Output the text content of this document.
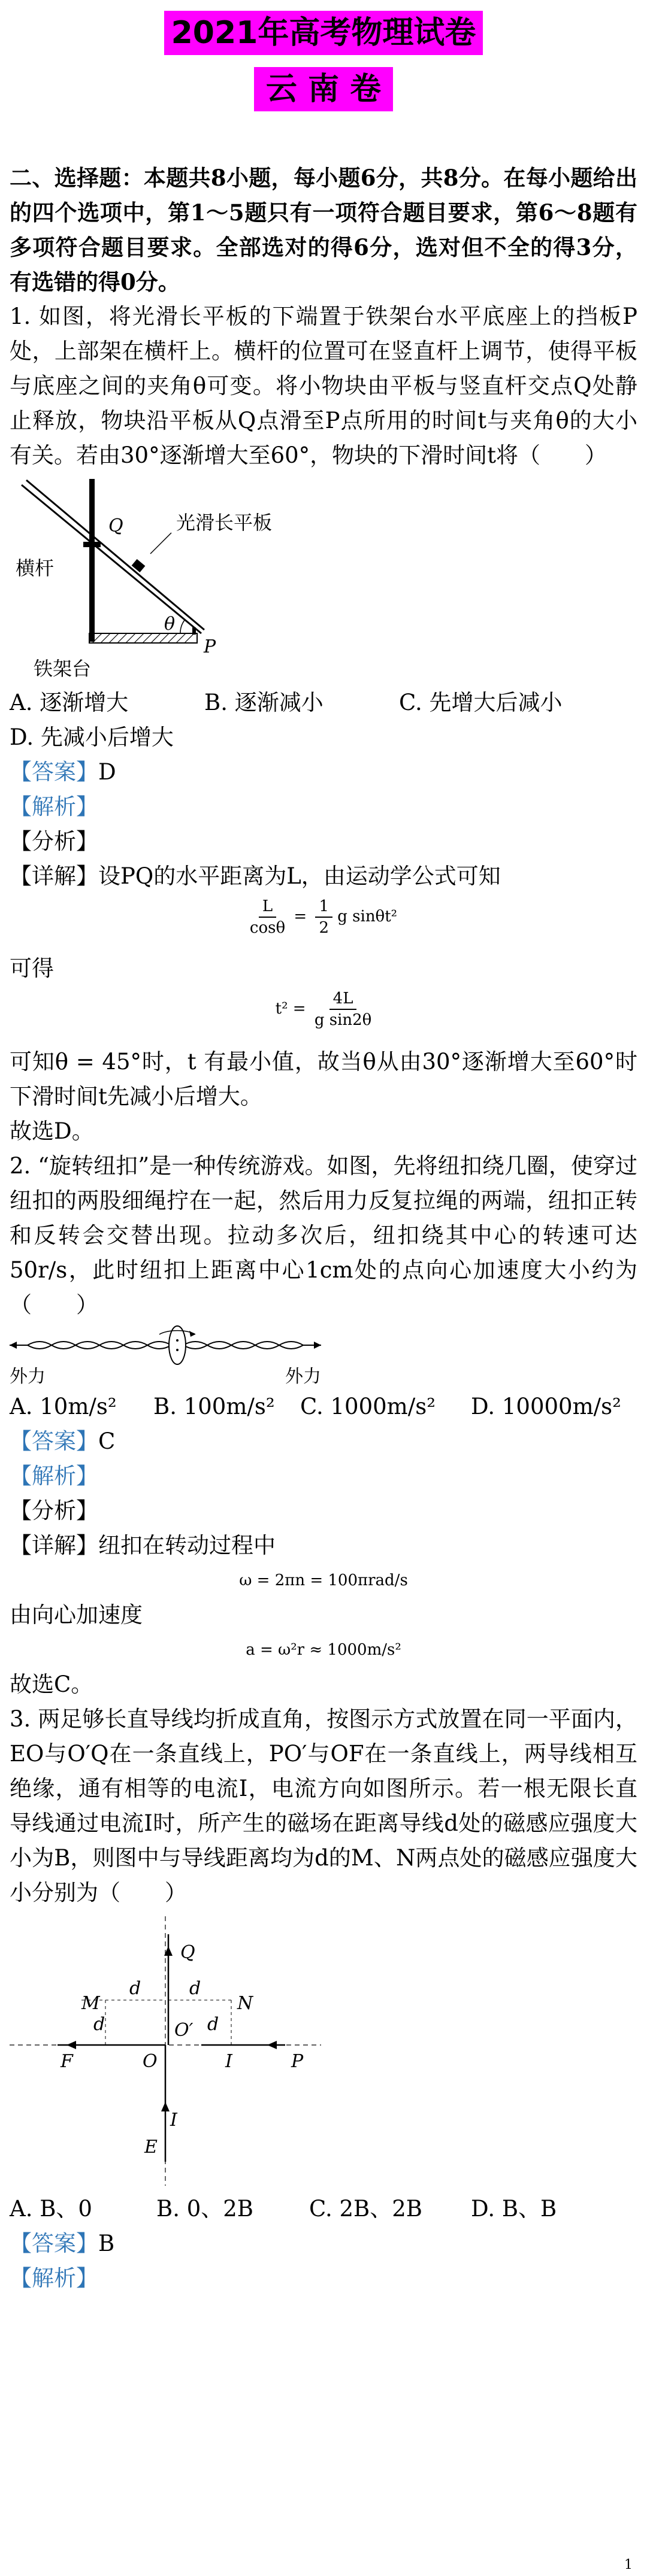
2021年高考物理试卷
云 南 卷

二、选择题：本题共8小题，每小题6分，共8分。在每小题给出的四个选项中，第1～5题只有一项符合题目要求，第6～8题有多项符合题目要求。全部选对的得6分，选对但不全的得3分，有选错的得0分。

1. 如图，将光滑长平板的下端置于铁架台水平底座上的挡板P处，上部架在横杆上。横杆的位置可在竖直杆上调节，使得平板与底座之间的夹角θ可变。将小物块由平板与竖直杆交点Q处静止释放，物块沿平板从Q点滑至P点所用的时间t与夹角θ的大小有关。若由30°逐渐增大至60°，物块的下滑时间t将（　　）

Q
P
θ
光滑长平板
横杆
铁架台
A. 逐渐增大	B. 逐渐减小	C. 先增大后减小
D. 先减小后增大

【答案】D

【解析】

【分析】

【详解】设PQ的水平距离为L，由运动学公式可知

$\frac{L}{\cos\theta} = \frac{1}{2}$ g sinθt²

可得

$t^2 = \frac{4L}{\text{g sin2θ}}$

可知θ = 45°时，t 有最小值，故当θ从由30°逐渐增大至60°时下滑时间t先减小后增大。

故选D。

2. “旋转纽扣”是一种传统游戏。如图，先将纽扣绕几圈，使穿过纽扣的两股细绳拧在一起，然后用力反复拉绳的两端，纽扣正转和反转会交替出现。拉动多次后，纽扣绕其中心的转速可达50r/s，此时纽扣上距离中心1cm处的点向心加速度大小约为（　　）

外力	外力
A. 10m/s²	B. 100m/s²	C. 1000m/s²	D. 10000m/s²

【答案】C

【解析】

【分析】

【详解】纽扣在转动过程中

ω = 2πn = 100πrad/s

由向心加速度

a = ω²r ≈ 1000m/s²

故选C。

3. 两足够长直导线均折成直角，按图示方式放置在同一平面内，EO与O′Q在一条直线上，PO′与OF在一条直线上，两导线相互绝缘，通有相等的电流I，电流方向如图所示。若一根无限长直导线通过电流I时，所产生的磁场在距离导线d处的磁感应强度大小为B，则图中与导线距离均为d的M、N两点处的磁感应强度大小分别为（　　）

Q
M	N
d	d
d	d
O′
O
F	P
E
I
I
A. B、0	B. 0、2B	C. 2B、2B	D. B、B

【答案】B

【解析】

1
